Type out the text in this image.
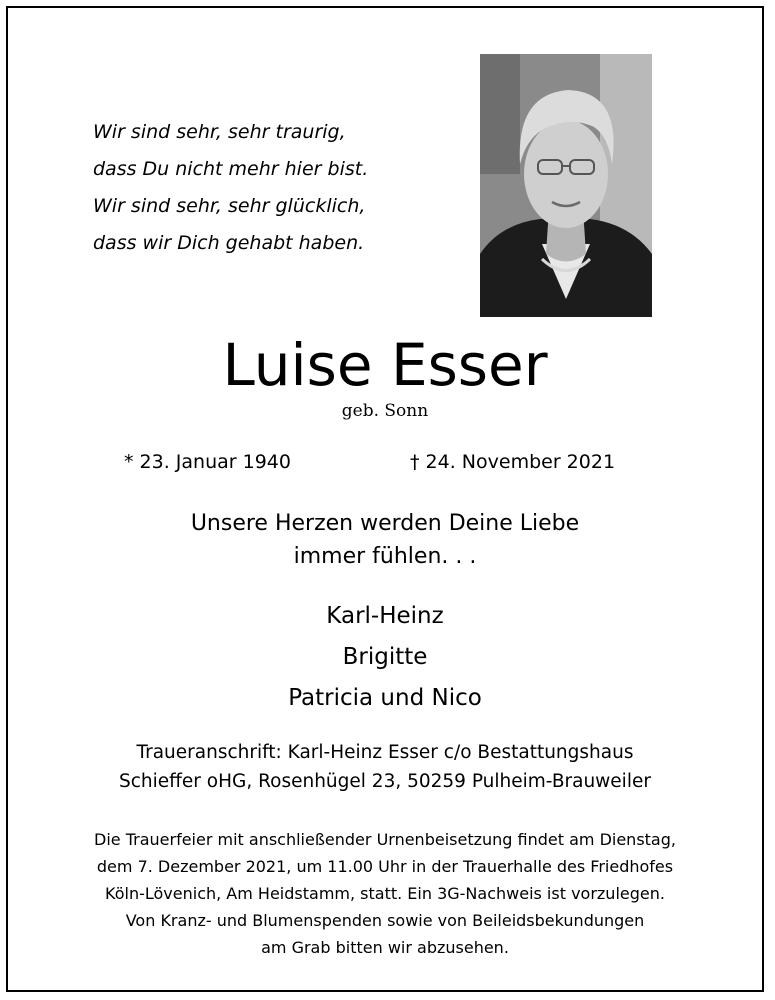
Wir sind sehr, sehr traurig,
dass Du nicht mehr hier bist.
Wir sind sehr, sehr glücklich,
dass wir Dich gehabt haben.
Luise Esser
geb. Sonn
* 23. Januar 1940	† 24. November 2021
Unsere Herzen werden Deine Liebe
immer fühlen. . .
Karl-Heinz
Brigitte
Patricia und Nico
Traueranschrift: Karl-Heinz Esser c/o Bestattungshaus
Schieffer oHG, Rosenhügel 23, 50259 Pulheim-Brauweiler
Die Trauerfeier mit anschließender Urnenbeisetzung findet am Dienstag,
dem 7. Dezember 2021, um 11.00 Uhr in der Trauerhalle des Friedhofes
Köln-Lövenich, Am Heidstamm, statt. Ein 3G-Nachweis ist vorzulegen.
Von Kranz- und Blumenspenden sowie von Beileidsbekundungen
am Grab bitten wir abzusehen.
